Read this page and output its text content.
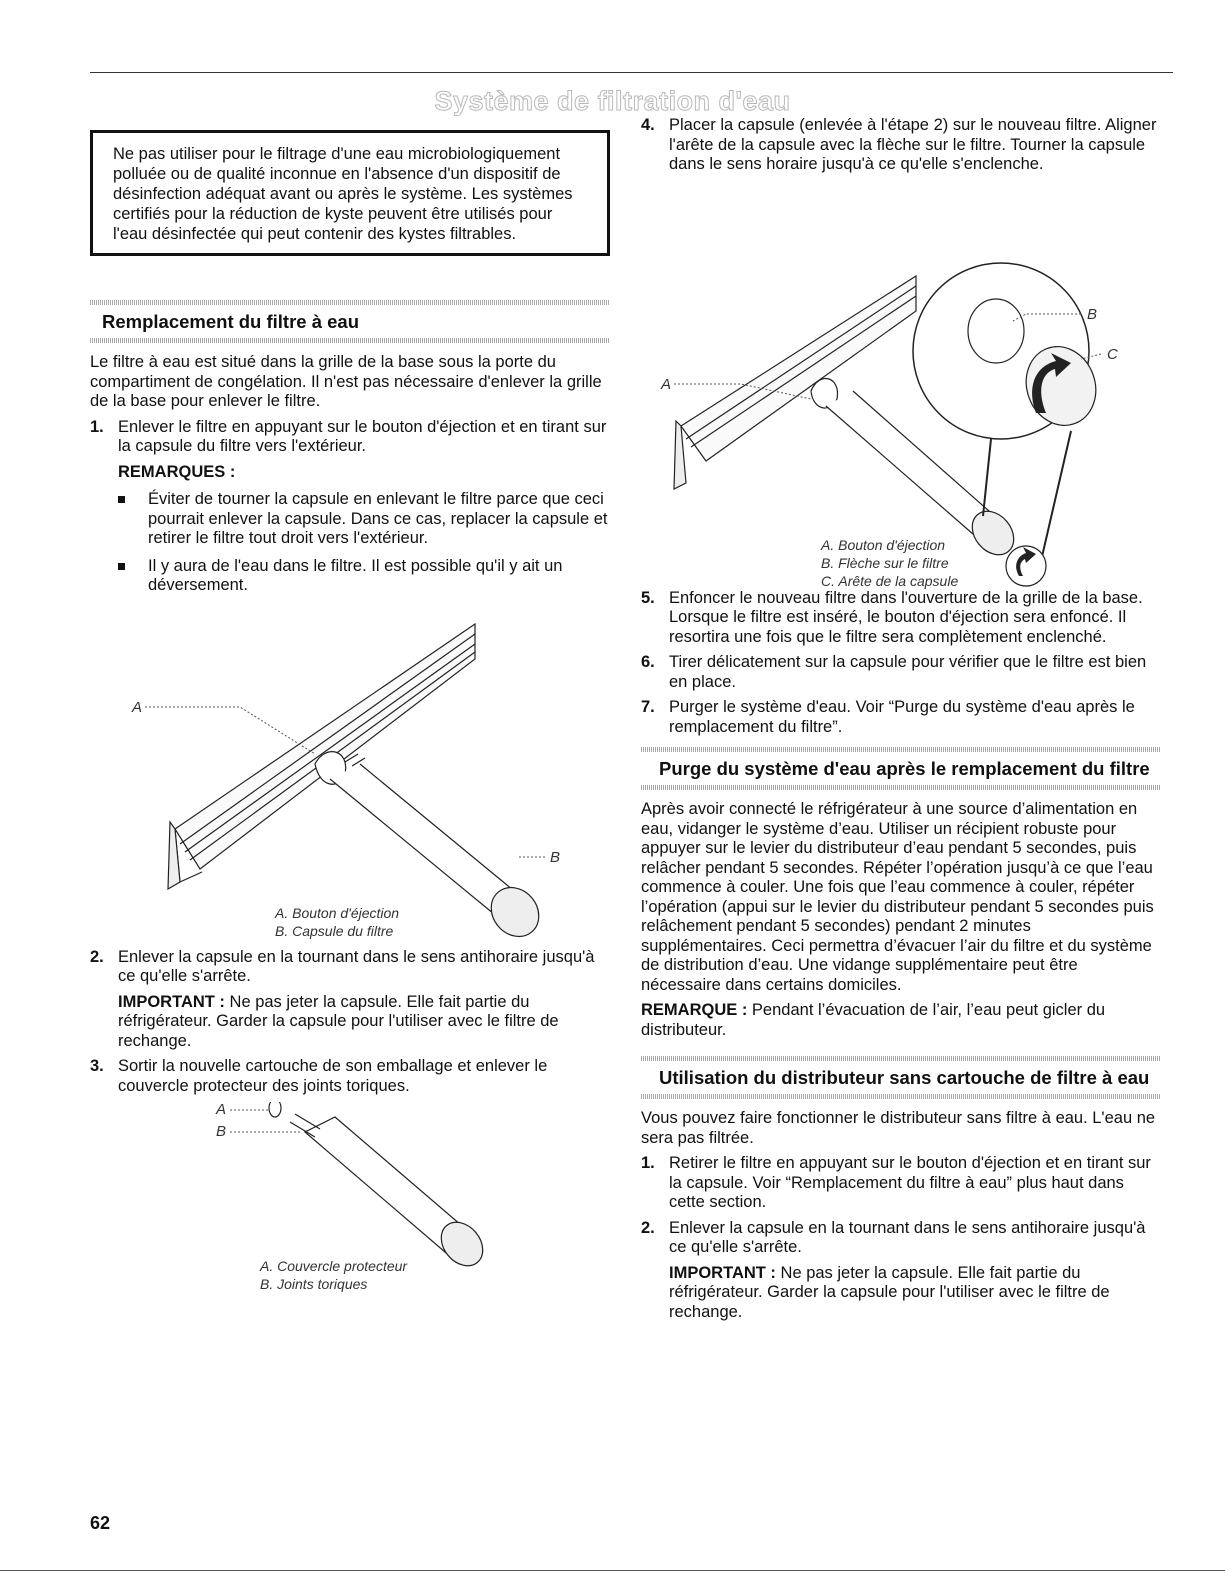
Système de filtration d'eau

Ne pas utiliser pour le filtrage d'une eau microbiologiquement polluée ou de qualité inconnue en l'absence d'un dispositif de désinfection adéquat avant ou après le système. Les systèmes certifiés pour la réduction de kyste peuvent être utilisés pour l'eau désinfectée qui peut contenir des kystes filtrables.

Remplacement du filtre à eau

Le filtre à eau est situé dans la grille de la base sous la porte du compartiment de congélation. Il n'est pas nécessaire d'enlever la grille de la base pour enlever le filtre.

1. Enlever le filtre en appuyant sur le bouton d'éjection et en tirant sur la capsule du filtre vers l'extérieur.
REMARQUES :
Éviter de tourner la capsule en enlevant le filtre parce que ceci pourrait enlever la capsule. Dans ce cas, replacer la capsule et retirer le filtre tout droit vers l'extérieur.
Il y aura de l'eau dans le filtre. Il est possible qu'il y ait un déversement.
A
B
A. Bouton d'éjection
B. Capsule du filtre
2. Enlever la capsule en la tournant dans le sens antihoraire jusqu'à ce qu'elle s'arrête.

IMPORTANT : Ne pas jeter la capsule. Elle fait partie du réfrigérateur. Garder la capsule pour l'utiliser avec le filtre de rechange.

3. Sortir la nouvelle cartouche de son emballage et enlever le couvercle protecteur des joints toriques.
A
B
A. Couvercle protecteur
B. Joints toriques
4. Placer la capsule (enlevée à l'étape 2) sur le nouveau filtre. Aligner l'arête de la capsule avec la flèche sur le filtre. Tourner la capsule dans le sens horaire jusqu'à ce qu'elle s'enclenche.
A
B
C
A. Bouton d'éjection
B. Flèche sur le filtre
C. Arête de la capsule
5. Enfoncer le nouveau filtre dans l'ouverture de la grille de la base. Lorsque le filtre est inséré, le bouton d'éjection sera enfoncé. Il resortira une fois que le filtre sera complètement enclenché.
6. Tirer délicatement sur la capsule pour vérifier que le filtre est bien en place.
7. Purger le système d'eau. Voir “Purge du système d'eau après le remplacement du filtre”.
Purge du système d'eau après le remplacement du filtre

Après avoir connecté le réfrigérateur à une source d’alimentation en eau, vidanger le système d’eau. Utiliser un récipient robuste pour appuyer sur le levier du distributeur d’eau pendant 5 secondes, puis relâcher pendant 5 secondes. Répéter l’opération jusqu’à ce que l’eau commence à couler. Une fois que l’eau commence à couler, répéter l’opération (appui sur le levier du distributeur pendant 5 secondes puis relâchement pendant 5 secondes) pendant 2 minutes supplémentaires. Ceci permettra d’évacuer l’air du filtre et du système de distribution d’eau. Une vidange supplémentaire peut être nécessaire dans certains domiciles.

REMARQUE : Pendant l’évacuation de l’air, l’eau peut gicler du distributeur.

Utilisation du distributeur sans cartouche de filtre à eau

Vous pouvez faire fonctionner le distributeur sans filtre à eau. L'eau ne sera pas filtrée.

1. Retirer le filtre en appuyant sur le bouton d'éjection et en tirant sur la capsule. Voir “Remplacement du filtre à eau” plus haut dans cette section.
2. Enlever la capsule en la tournant dans le sens antihoraire jusqu'à ce qu'elle s'arrête.

IMPORTANT : Ne pas jeter la capsule. Elle fait partie du réfrigérateur. Garder la capsule pour l'utiliser avec le filtre de rechange.

62
